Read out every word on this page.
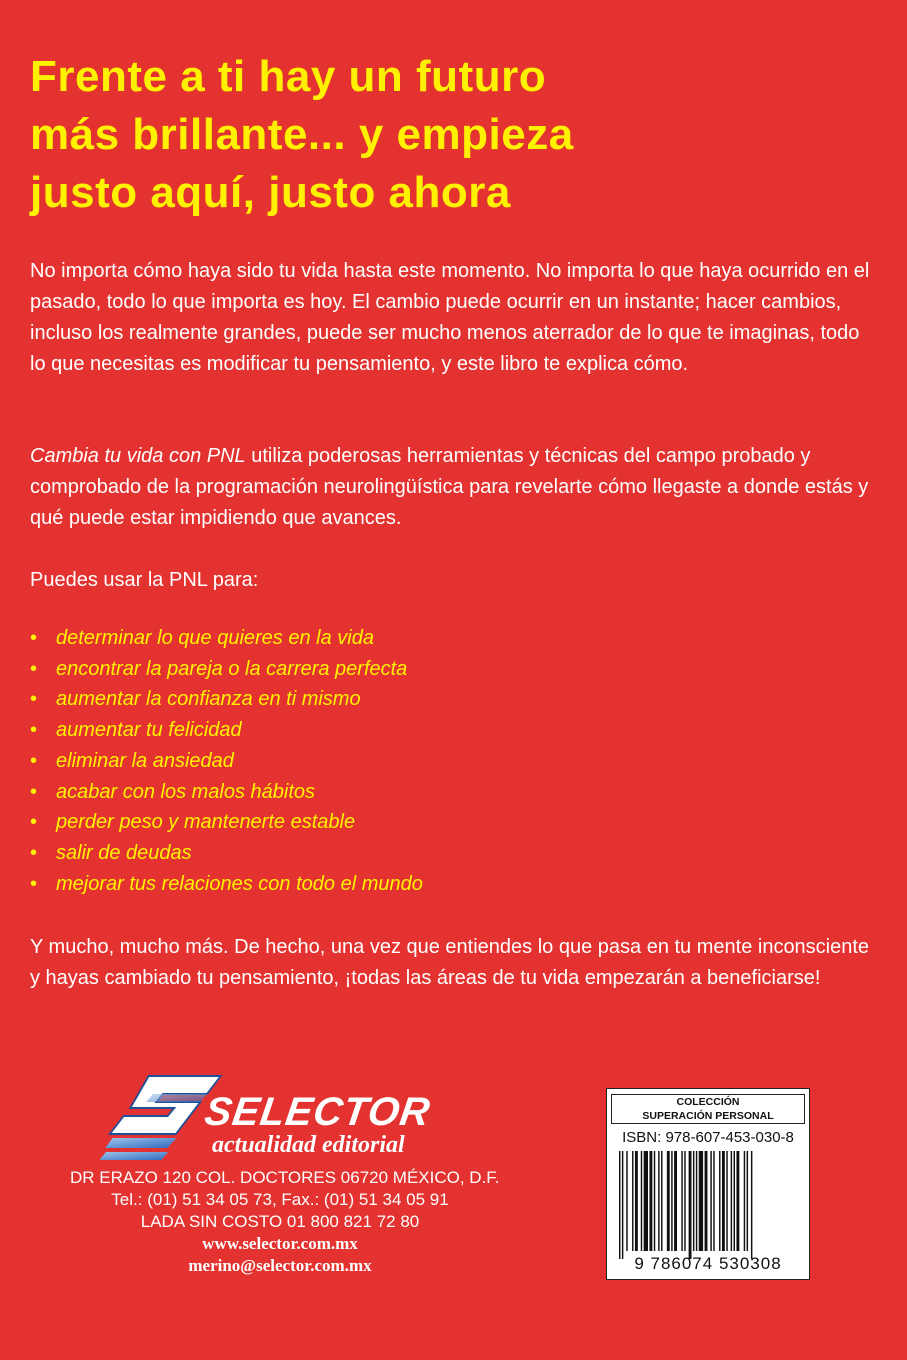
Frente a ti hay un futuro
más brillante... y empieza
justo aquí, justo ahora

No importa cómo haya sido tu vida hasta este momento. No importa lo que haya ocurrido en el pasado, todo lo que importa es hoy. El cambio puede ocurrir en un instante; hacer cambios, incluso los realmente grandes, puede ser mucho menos aterrador de lo que te imaginas, todo lo que necesitas es modificar tu pensamiento, y este libro te explica cómo.

Cambia tu vida con PNL utiliza poderosas herramientas y técnicas del campo probado y comprobado de la programación neurolingüística para revelarte cómo llegaste a donde estás y qué puede estar impidiendo que avances.

Puedes usar la PNL para:

• determinar lo que quieres en la vida
• encontrar la pareja o la carrera perfecta
• aumentar la confianza en ti mismo
• aumentar tu felicidad
• eliminar la ansiedad
• acabar con los malos hábitos
• perder peso y mantenerte estable
• salir de deudas
• mejorar tus relaciones con todo el mundo

Y mucho, mucho más. De hecho, una vez que entiendes lo que pasa en tu mente inconsciente y hayas cambiado tu pensamiento, ¡todas las áreas de tu vida empezarán a beneficiarse!

SELECTOR
actualidad editorial
DR ERAZO 120 COL. DOCTORES 06720 MÉXICO, D.F.
Tel.: (01) 51 34 05 73, Fax.: (01) 51 34 05 91
LADA SIN COSTO 01 800 821 72 80
www.selector.com.mx
merino@selector.com.mx
COLECCIÓN
SUPERACIÓN PERSONAL
ISBN: 978-607-453-030-8
9 786074 530308
